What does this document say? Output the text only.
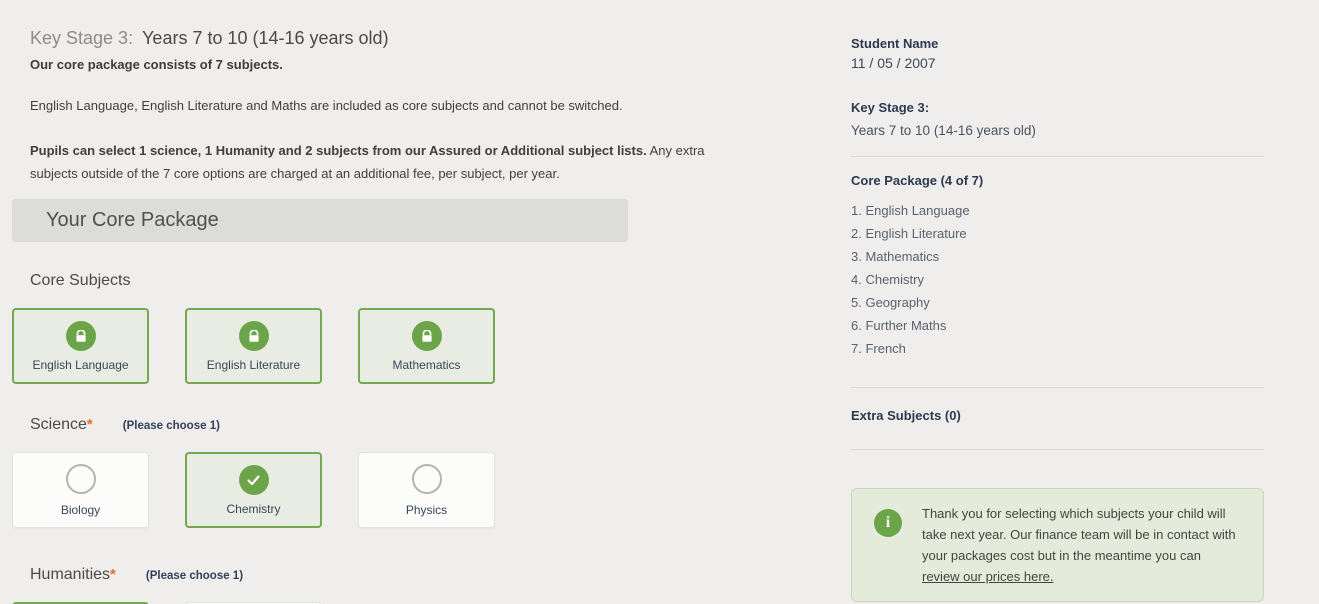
Key Stage 3: Years 7 to 10 (14-16 years old)

Our core package consists of 7 subjects.

English Language, English Literature and Maths are included as core subjects and cannot be switched.

Pupils can select 1 science, 1 Humanity and 2 subjects from our Assured or Additional subject lists. Any extra subjects outside of the 7 core options are charged at an additional fee, per subject, per year.

Your Core Package
Core Subjects
English Language	English Literature	Mathematics
Science *	(Please choose 1)
Biology	Chemistry	Physics
Humanities *	(Please choose 1)
Student Name
11 / 05 / 2007
Key Stage 3:
Years 7 to 10 (14-16 years old)
Core Package (4 of 7)
1. English Language
2. English Literature
3. Mathematics
4. Chemistry
5. Geography
6. Further Maths
7. French
Extra Subjects (0)
i
Thank you for selecting which subjects your child will take next year. Our finance team will be in contact with your packages cost but in the meantime you can review our prices here.
